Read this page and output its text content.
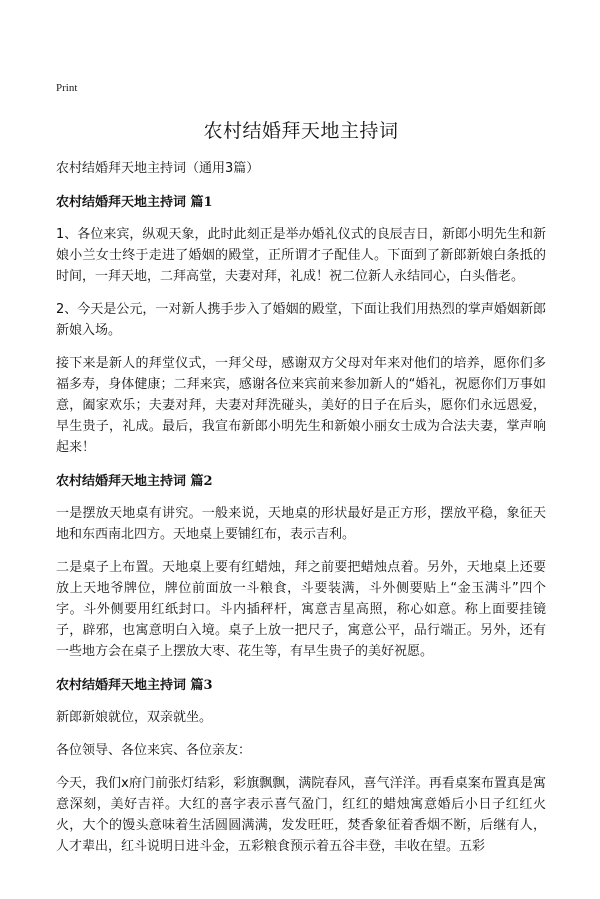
Print
农村结婚拜天地主持词
农村结婚拜天地主持词（通用3篇）
农村结婚拜天地主持词 篇1

1、各位来宾，纵观天象，此时此刻正是举办婚礼仪式的良辰吉日，新郎小明先生和新娘小兰女士终于走进了婚姻的殿堂，正所谓才子配佳人。下面到了新郎新娘白条抵的时间，一拜天地，二拜高堂，夫妻对拜，礼成！祝二位新人永结同心，白头偕老。

2、今天是公元，一对新人携手步入了婚姻的殿堂，下面让我们用热烈的掌声婚姻新郎新娘入场。

接下来是新人的拜堂仪式，一拜父母，感谢双方父母对年来对他们的培养，愿你们多福多寿，身体健康；二拜来宾，感谢各位来宾前来参加新人的“婚礼，祝愿你们万事如意，阖家欢乐；夫妻对拜，夫妻对拜洗碰头，美好的日子在后头，愿你们永远恩爱，早生贵子，礼成。最后，我宣布新郎小明先生和新娘小丽女士成为合法夫妻，掌声响起来！

农村结婚拜天地主持词 篇2

一是摆放天地桌有讲究。一般来说，天地桌的形状最好是正方形，摆放平稳，象征天地和东西南北四方。天地桌上要铺红布，表示吉利。

二是桌子上布置。天地桌上要有红蜡烛，拜之前要把蜡烛点着。另外，天地桌上还要放上天地爷牌位，牌位前面放一斗粮食，斗要装满，斗外侧要贴上“金玉满斗”四个字。斗外侧要用红纸封口。斗内插秤杆，寓意吉星高照，称心如意。称上面要挂镜子，辟邪，也寓意明白入境。桌子上放一把尺子，寓意公平，品行端正。另外，还有一些地方会在桌子上摆放大枣、花生等，有早生贵子的美好祝愿。

农村结婚拜天地主持词 篇3

新郎新娘就位，双亲就坐。

各位领导、各位来宾、各位亲友：

今天，我们x府门前张灯结彩，彩旗飘飘，满院春风，喜气洋洋。再看桌案布置真是寓意深刻，美好吉祥。大红的喜字表示喜气盈门，红红的蜡烛寓意婚后小日子红红火火，大个的馒头意味着生活圆圆满满，发发旺旺，焚香象征着香烟不断，后继有人，人才辈出，红斗说明日进斗金，五彩粮食预示着五谷丰登，丰收在望。五彩
